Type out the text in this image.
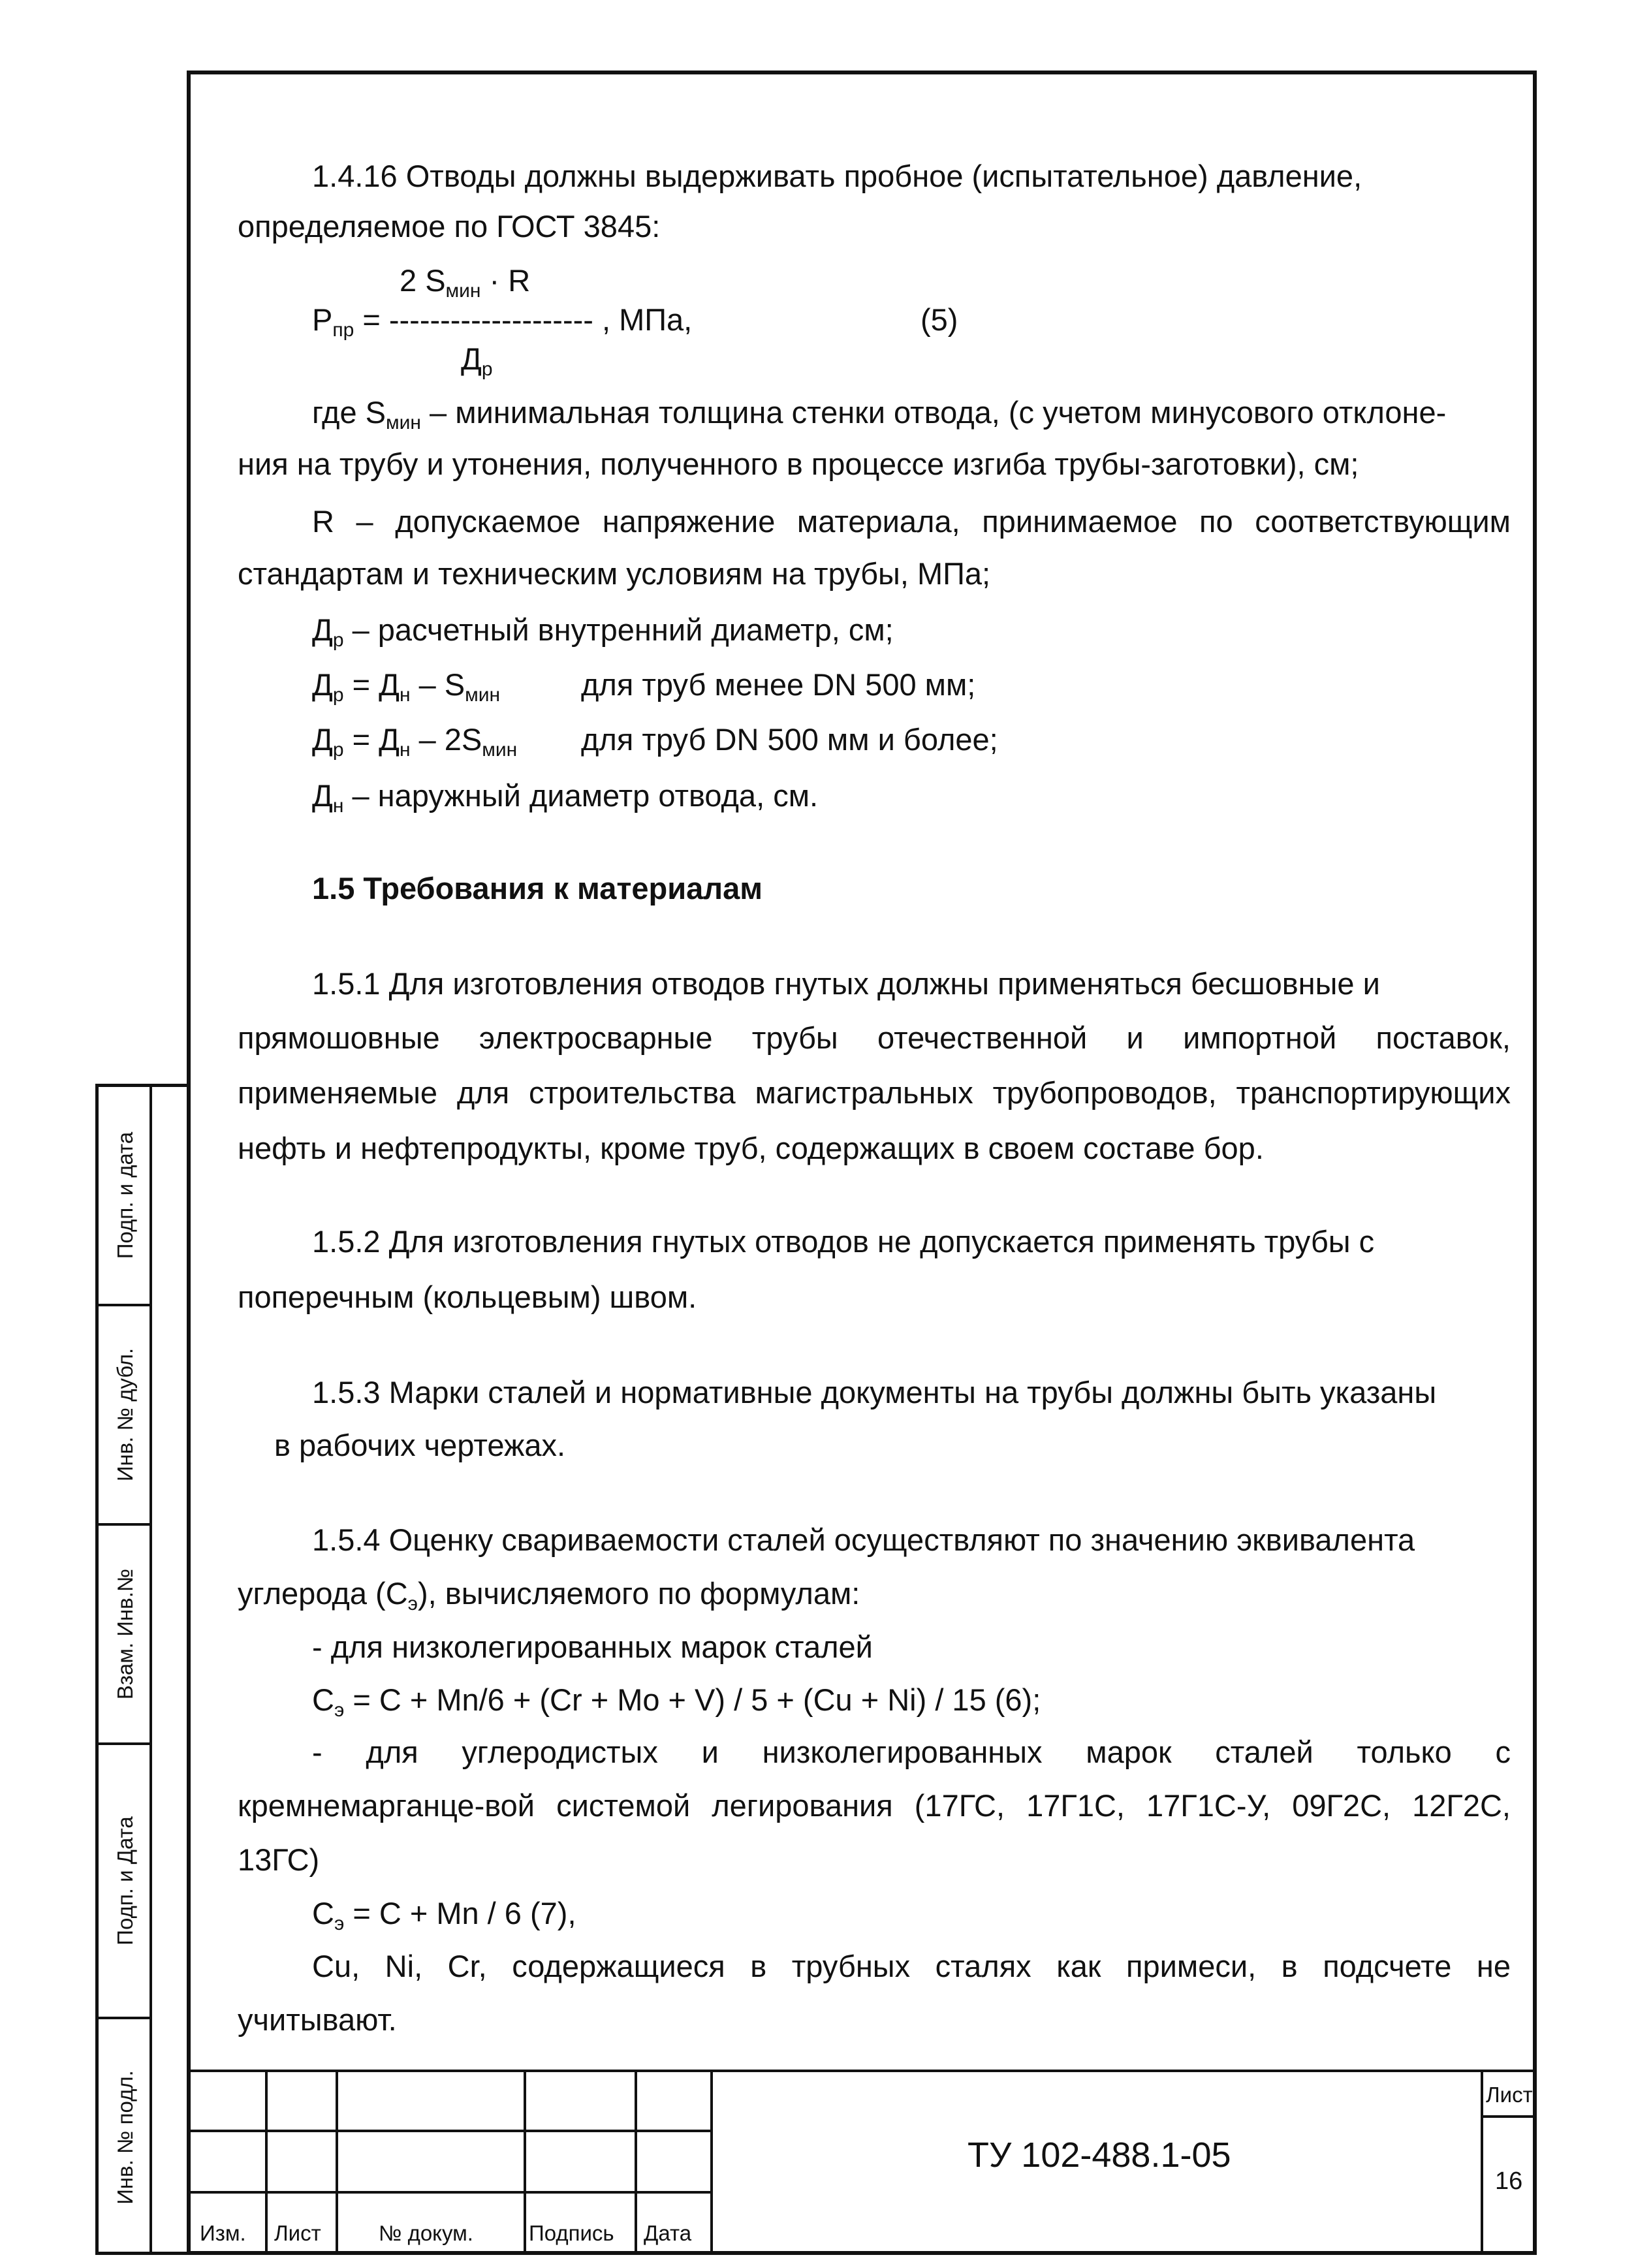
Подп. и дата
Инв. № дубл.
Взам. Инв.№
Подп. и Дата
Инв. № подл.
1.4.16 Отводы должны выдерживать пробное (испытательное) давление,
определяемое по ГОСТ 3845:
2 $S_{мин} \cdot R$
$P_{пр}$ = -------------------- , МПа,	(5)
$Д_р$
где $S_{мин}$ – минимальная толщина стенки отвода, (с учетом минусового отклоне-
ния на трубу и утонения, полученного в процессе изгиба трубы-заготовки), см;
R – допускаемое напряжение материала, принимаемое по соответствующим
стандартам и техническим условиям на трубы, МПа;
$Д_р$ – расчетный внутренний диаметр, см;
$Д_р = Д_н - S_{мин}$	для труб менее DN 500 мм;
$Д_р = Д_н - 2S_{мин}$ для труб DN 500 мм и более;
$Д_н$ – наружный диаметр отвода, см.
1.5 Требования к материалам
1.5.1 Для изготовления отводов гнутых должны применяться бесшовные и
прямошовные электросварные трубы отечественной и импортной поставок,
применяемые для строительства магистральных трубопроводов, транспортирующих
нефть и нефтепродукты, кроме труб, содержащих в своем составе бор.
1.5.2 Для изготовления гнутых отводов не допускается применять трубы с
поперечным (кольцевым) швом.
1.5.3 Марки сталей и нормативные документы на трубы должны быть указаны
в рабочих чертежах.
1.5.4 Оценку свариваемости сталей осуществляют по значению эквивалента
углерода $(С_э)$, вычисляемого по формулам:
- для низколегированных марок сталей
$С_э = С + Mn/6 + (Cr + Mo + V) / 5 + (Cu + Ni) / 15$ (6);
- для углеродистых и низколегированных марок сталей только с
кремнемарганце-вой системой легирования (17ГС, 17Г1С, 17Г1С-У, 09Г2С, 12Г2С,
13ГС)
$С_э = С + Mn / 6$ (7),
Cu, Ni, Cr, содержащиеся в трубных сталях как примеси, в подсчете не
учитывают.
Изм. Лист	№ докум.	Подпись Дата
ТУ 102-488.1-05
Лист
16
